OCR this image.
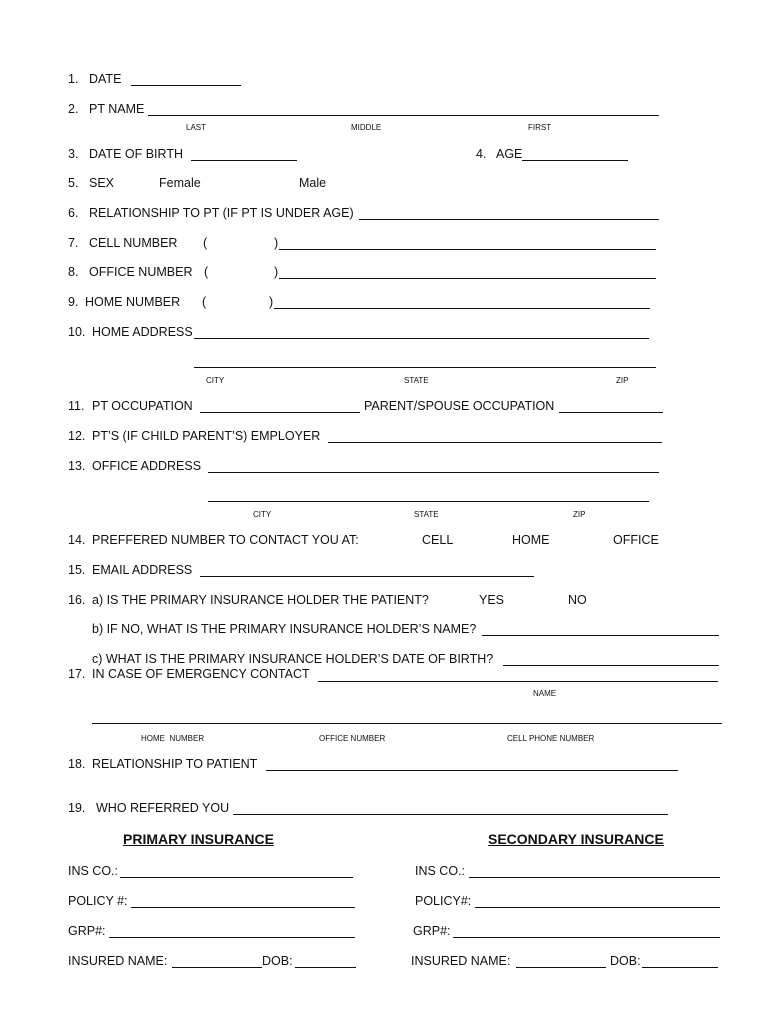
1. DATE
2. PT NAME
LAST	MIDDLE	FIRST
3. DATE OF BIRTH	4. AGE
5. SEX	Female	Male
6. RELATIONSHIP TO PT (IF PT IS UNDER AGE)
7. CELL NUMBER (	)
8. OFFICE NUMBER (	)
9. HOME NUMBER (	)
10. HOME ADDRESS
CITY	STATE	ZIP
11. PT OCCUPATION	PARENT/SPOUSE OCCUPATION
12. PT’S (IF CHILD PARENT’S) EMPLOYER
13. OFFICE ADDRESS
CITY	STATE	ZIP
14. PREFFERED NUMBER TO CONTACT YOU AT:	CELL	HOME	OFFICE
15. EMAIL ADDRESS
16. a) IS THE PRIMARY INSURANCE HOLDER THE PATIENT?	YES	NO
b) IF NO, WHAT IS THE PRIMARY INSURANCE HOLDER’S NAME?
c) WHAT IS THE PRIMARY INSURANCE HOLDER’S DATE OF BIRTH?
17. IN CASE OF EMERGENCY CONTACT
NAME
HOME  NUMBER	OFFICE NUMBER	CELL PHONE NUMBER
18. RELATIONSHIP TO PATIENT
19. WHO REFERRED YOU
PRIMARY INSURANCE	SECONDARY INSURANCE
INS CO.:
POLICY #:
GRP#:
INSURED NAME:	DOB:
INS CO.:
POLICY#:
GRP#:
INSURED NAME:	DOB:
